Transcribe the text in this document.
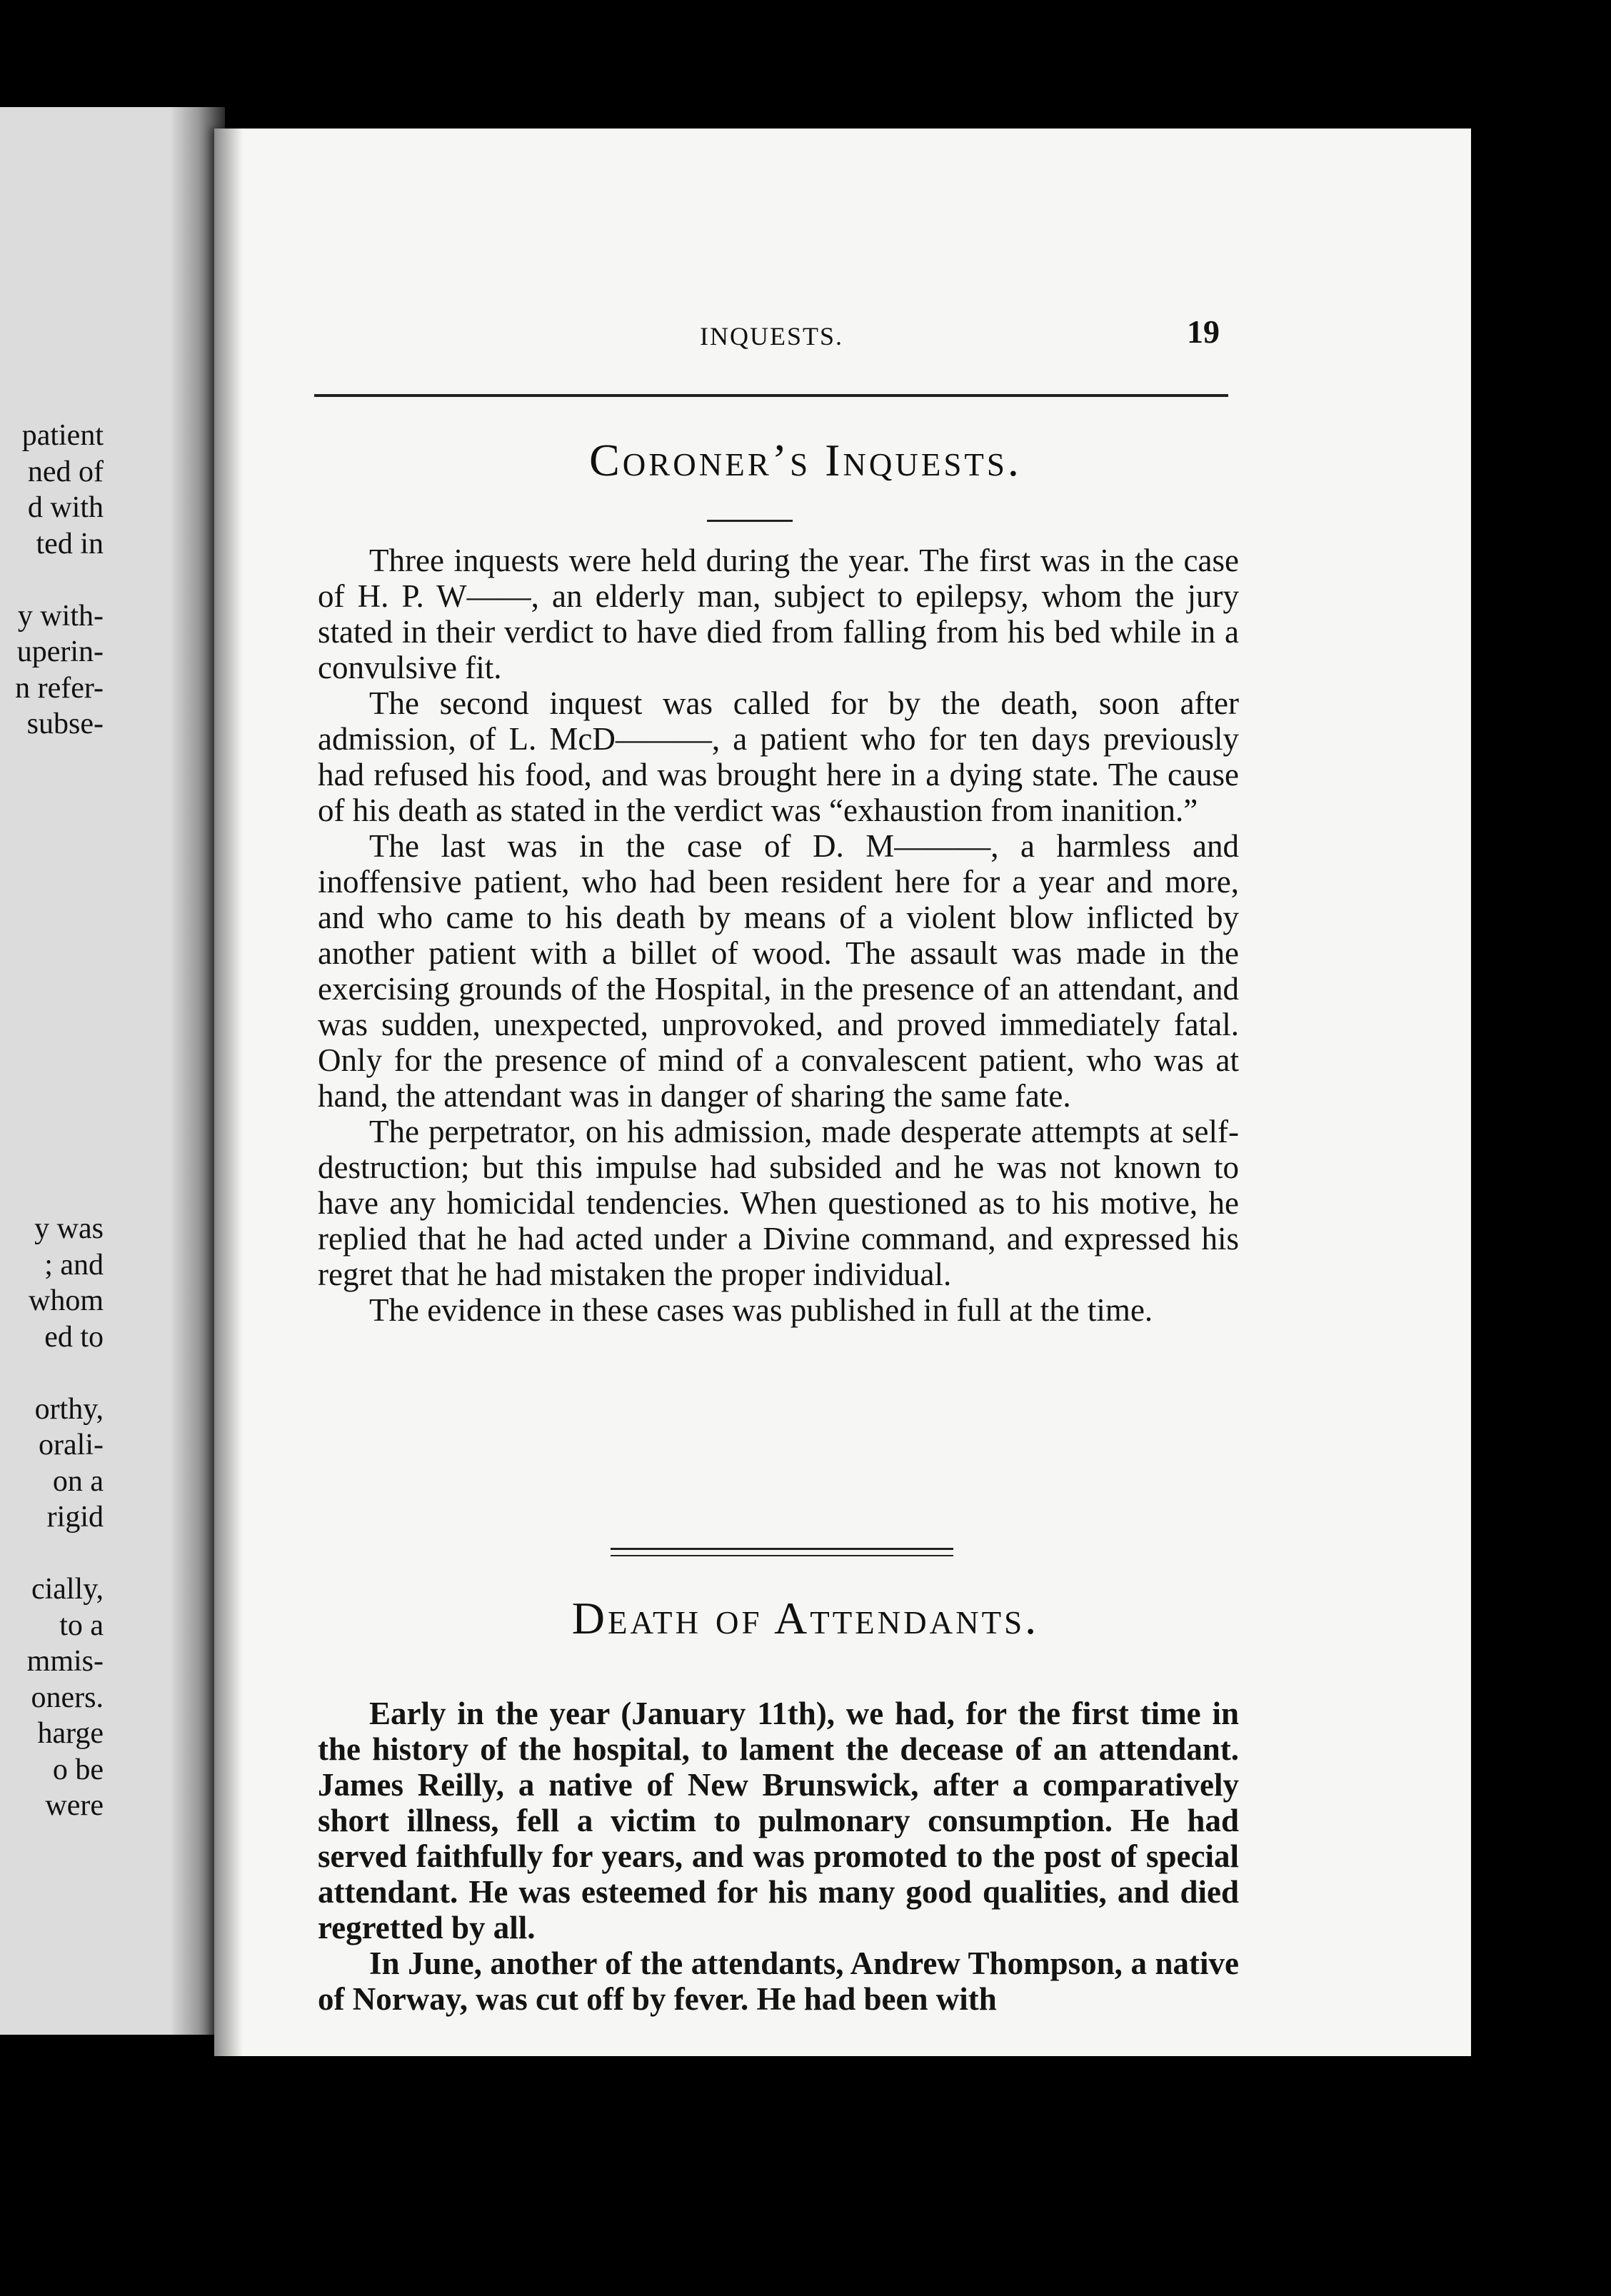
patient
ned of
d with
ted in

y with-
uperin-
n refer-
subse-

y was
; and
whom
ed to

orthy,
orali-
on a
rigid

cially,
to a
mmis-
oners.
harge
o be
were
INQUESTS.	19
Coroner’s Inquests.

Three inquests were held during the year. The first was in the case of H. P. W——, an elderly man, subject to epilepsy, whom the jury stated in their verdict to have died from falling from his bed while in a convulsive fit.

The second inquest was called for by the death, soon after admission, of L. McD———, a patient who for ten days previously had refused his food, and was brought here in a dying state. The cause of his death as stated in the verdict was “exhaustion from inanition.”

The last was in the case of D. M———, a harmless and inoffensive patient, who had been resident here for a year and more, and who came to his death by means of a violent blow inflicted by another patient with a billet of wood. The assault was made in the exercising grounds of the Hospital, in the presence of an attendant, and was sudden, unexpected, unprovoked, and proved immediately fatal. Only for the presence of mind of a convalescent patient, who was at hand, the attendant was in danger of sharing the same fate.

The perpetrator, on his admission, made desperate attempts at self-destruction; but this impulse had subsided and he was not known to have any homicidal tendencies. When questioned as to his motive, he replied that he had acted under a Divine command, and expressed his regret that he had mistaken the proper individual.

The evidence in these cases was published in full at the time.

Death of Attendants.

Early in the year (January 11th), we had, for the first time in the history of the hospital, to lament the decease of an attendant. James Reilly, a native of New Brunswick, after a comparatively short illness, fell a victim to pulmonary consumption. He had served faithfully for years, and was promoted to the post of special attendant. He was esteemed for his many good qualities, and died regretted by all.

In June, another of the attendants, Andrew Thompson, a native of Norway, was cut off by fever. He had been with
